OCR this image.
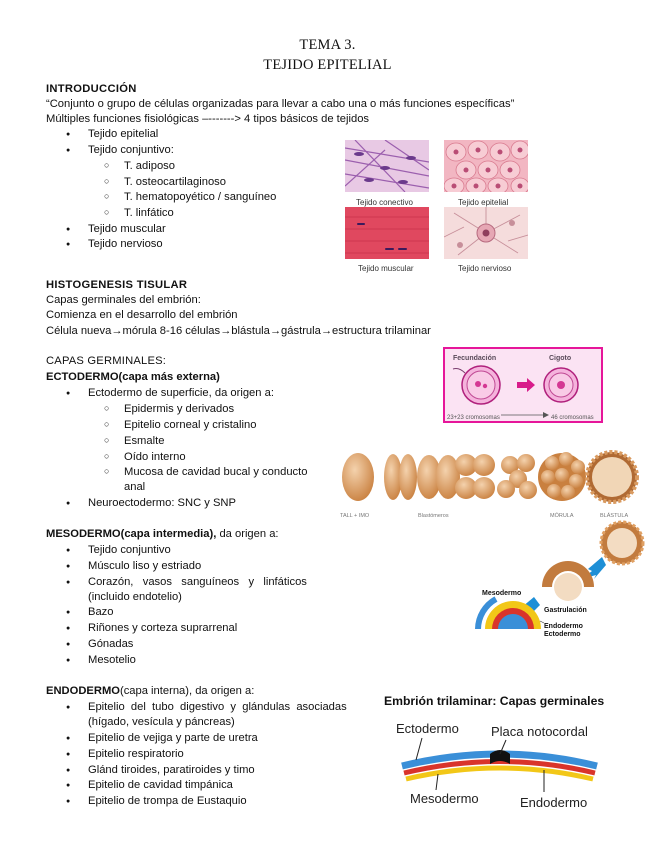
TEMA 3.
TEJIDO EPITELIAL
INTRODUCCIÓN
“Conjunto o grupo de células organizadas para llevar a cabo una o más funciones específicas”
Múltiples funciones fisiológicas –-------> 4 tipos básicos de tejidos
● Tejido epitelial
● Tejido conjuntivo:
○ T. adiposo
○ T. osteocartilaginoso
○ T. hematopoyético / sanguíneo
○ T. linfático
● Tejido muscular
● Tejido nervioso
Tejido conectivo	Tejido epitelial
Tejido muscular	Tejido nervioso
HISTOGENESIS TISULAR
Capas germinales del embrión:
Comienza en el desarrollo del embrión
Célula nueva→mórula 8-16 células→blástula→gástrula→estructura trilaminar
CAPAS GERMINALES:
ECTODERMO(capa más externa)
● Ectodermo de superficie, da origen a:
○ Epidermis y derivados
○ Epitelio corneal y cristalino
○ Esmalte
○ Oído interno
○ Mucosa de cavidad bucal y conducto
anal
● Neuroectodermo: SNC y SNP
MESODERMO(capa intermedia), da origen a:
● Tejido conjuntivo
● Músculo liso y estriado
● Corazón,   vasos   sanguíneos   y   linfáticos
(incluido endotelio)
● Bazo
● Riñones y corteza suprarrenal
● Gónadas
● Mesotelio
ENDODERMO(capa interna), da origen a:
● Epitelio  del  tubo  digestivo  y  glándulas  asociadas
(hígado, vesícula y páncreas)
● Epitelio de vejiga y parte de uretra
● Epitelio respiratorio
● Glánd tiroides, paratiroides y timo
● Epitelio de cavidad timpánica
● Epitelio de trompa de Eustaquio
Fecundación	Cigoto
23+23 cromosomas	46 cromosomas
TALL + IMO	Blastómeros	MÓRULA	BLÁSTULA
Mesodermo
Gastrulación
Endodermo
Ectodermo
Embrión trilaminar: Capas germinales
Ectodermo Placa notocordal
Mesodermo	Endodermo
